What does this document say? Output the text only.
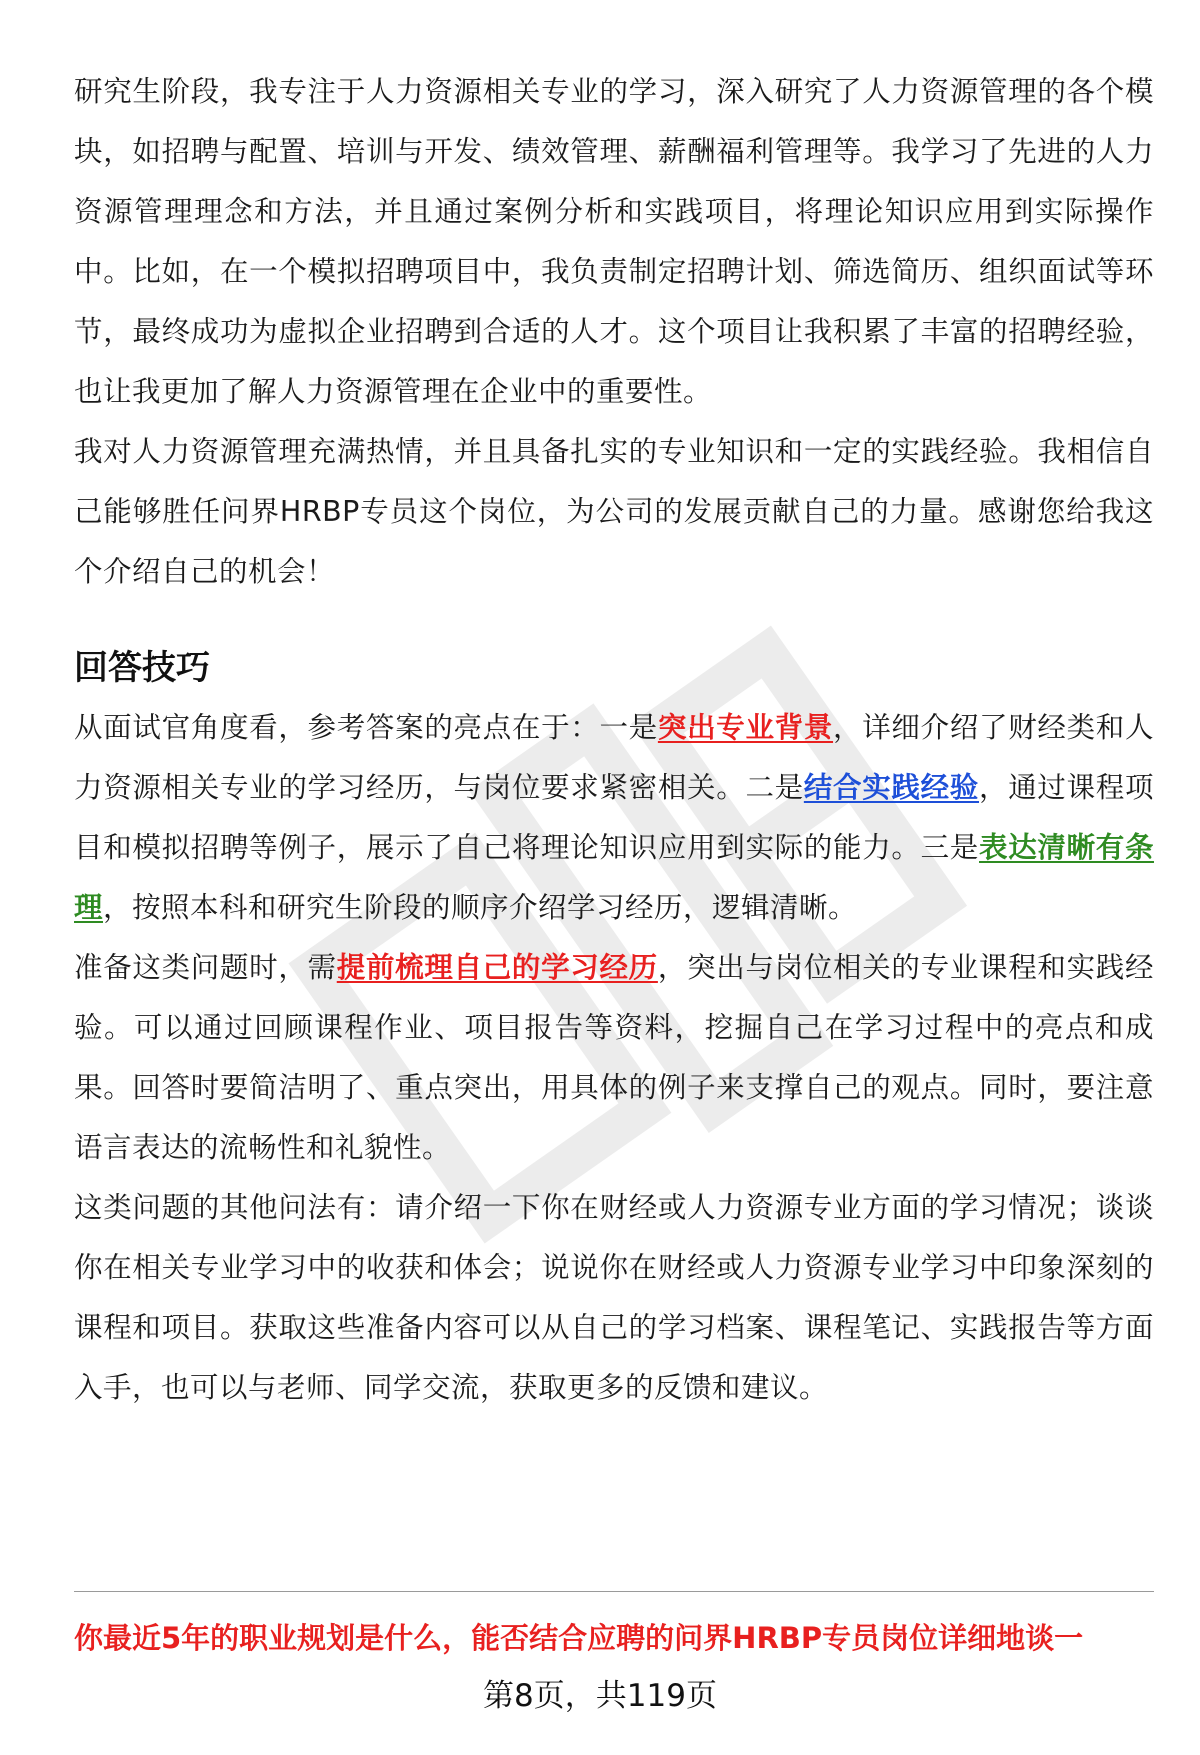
研究生阶段，我专注于人力资源相关专业的学习，深入研究了人力资源管理的各个模块，如招聘与配置、培训与开发、绩效管理、薪酬福利管理等。我学习了先进的人力资源管理理念和方法，并且通过案例分析和实践项目，将理论知识应用到实际操作中。比如，在一个模拟招聘项目中，我负责制定招聘计划、筛选简历、组织面试等环节，最终成功为虚拟企业招聘到合适的人才。这个项目让我积累了丰富的招聘经验，也让我更加了解人力资源管理在企业中的重要性。

我对人力资源管理充满热情，并且具备扎实的专业知识和一定的实践经验。我相信自己能够胜任问界HRBP专员这个岗位，为公司的发展贡献自己的力量。感谢您给我这个介绍自己的机会！

回答技巧

从面试官角度看，参考答案的亮点在于：一是突出专业背景，详细介绍了财经类和人力资源相关专业的学习经历，与岗位要求紧密相关。二是结合实践经验，通过课程项目和模拟招聘等例子，展示了自己将理论知识应用到实际的能力。三是表达清晰有条理，按照本科和研究生阶段的顺序介绍学习经历，逻辑清晰。

准备这类问题时，需提前梳理自己的学习经历，突出与岗位相关的专业课程和实践经验。可以通过回顾课程作业、项目报告等资料，挖掘自己在学习过程中的亮点和成果。回答时要简洁明了、重点突出，用具体的例子来支撑自己的观点。同时，要注意语言表达的流畅性和礼貌性。

这类问题的其他问法有：请介绍一下你在财经或人力资源专业方面的学习情况；谈谈你在相关专业学习中的收获和体会；说说你在财经或人力资源专业学习中印象深刻的课程和项目。获取这些准备内容可以从自己的学习档案、课程笔记、实践报告等方面入手，也可以与老师、同学交流，获取更多的反馈和建议。

你最近5年的职业规划是什么，能否结合应聘的问界HRBP专员岗位详细地谈一
第8页，共119页
